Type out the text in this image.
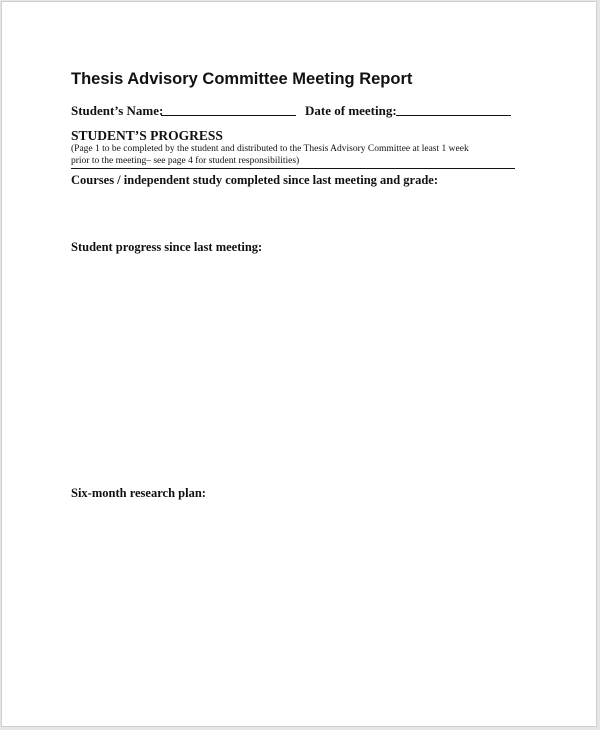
Thesis Advisory Committee Meeting Report
Student’s Name:	Date of meeting:
STUDENT’S PROGRESS
(Page 1 to be completed by the student and distributed to the Thesis Advisory Committee at least 1 week
prior to the meeting– see page 4 for student responsibilities)
Courses / independent study completed since last meeting and grade:
Student progress since last meeting:
Six-month research plan:
